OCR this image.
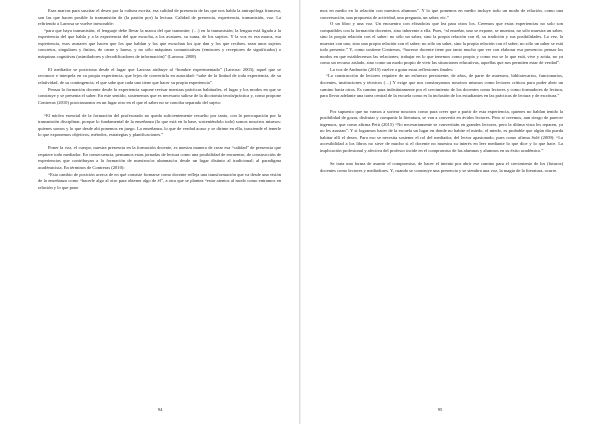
Esas marcas para suscitar el deseo por la cultura escrita, esa calidad de presencia de las que nos habla la antropóloga francesa, son las que hacen posible la transmisión de (la pasión por) la lectura. Calidad de presencia, experiencia, transmisión, voz. La refiriendo a Larrosa se vuelve inexorable:

“para que haya transmisión, el lenguaje debe llevar la marca del que transmite; (…) en la transmisión, la lengua está ligada a la experiencia del que habla y a la experiencia del que escucha, a los avatares, su suma, de los sujetos. Y la voz es esa marca, esa experiencia, esos avatares que hacen que los que hablan y los que escuchan los que dan y los que reciben, sean unos sujetos concretos, singulares y finitos, de carne y hueso, y no sólo máquinas comunicativas (emisores y receptores de significados) o máquinas cognitivas (asimiladores y decodificadores de información)” (Larrosa: 2008)

El mediador se posiciona desde el lugar que Larrosa atribuye al “hombre experimentado” (Larrosa: 2003), aquel que se reconoce e interpela en su propia experiencia, que lejos de convertirla en autoridad: “sabe de la finitud de toda experiencia, de su relatividad, de su contingencia, el que sabe que cada uno tiene que hacer su propia experiencia”.

Pensar la formación docente desde la experiencia supone revisar nuestras prácticas habituales, el lugar y los modos en que se construye y se presenta el saber. En este sentido, sostenemos que es necesario salirse de la dicotomía teoría/práctica y, como propone Contreras (2010) posicionarnos en un lugar otro en el que el saber no se conciba separado del sujeto:

“El núcleo esencial de la formación del profesorado no queda suficientemente resuelto por tanto, con la preocupación por la transmisión disciplinar, porque lo fundamental de la enseñanza (lo que está en la base, sosteniéndolo todo) somos nosotros mismos: quienes somos y lo que desde ahí ponemos en juego. La enseñanza, lo que de verdad acaso y se dirime en ella, trasciende el tenerle lo que exponemos objetivos, métodos, estrategias y planificaciones.”

Poner la voz, el cuerpo, nuestra presencia en la formación docente, es nuestra manera de crear esa “calidad” de presencia que requiere todo mediador. En consecuencia, pensamos estas jornadas de lectura como una posibilidad de encuentro, de construcción de experiencias que contribuyan a la formación de nuestros/os alumnas/os desde un lugar distinto al tradicional; al paradigma académicista. En términos de Contreras (2010):

“Esta cambio de posición acerca de en qué consiste formarse como docente refleja una transformación que va desde una visión de la enseñanza como “hacerle algo al otro para obtener algo de él”, a otra que se plantea “estar atentos al modo como entramos en relación y lo que pone

94

mos en medio en la relación con nuestros alumnos”. Y lo que ponemos en medio incluye todo un modo de relación, como una conversación, una propuesta de actividad, una pregunta, un saber, etc.”

O un libro y una voz. Un encuentro con el/nado/as que lea para otros los. Creemos que estas experiencias no solo son compatibles con la formación docentes, sino inherente a ella. Pues, “al enseñar, uno se expone, se muestra, no sólo muestra un saber, sino la propia relación con el saber: no sólo un saber, sino la propia relación con él, su tradición y sus posibilidades. La vez, la muestra con uno, sino una propia relación con el saber; no sólo un saber, sino la propia relación con el saber; no sólo un saber se está todo presente.” Y, como sostiene Contreras, “hacerse docente tiene por tanto mucho que ver con elaborar esa presencia: pensar los modos en que establecemos las relaciones; trabajar en lo que tenemos como propio y como eso se lo que está, vive y actúa, no ya como un recurso aislado, sino como un modo propio de vivir las situaciones educativas, aquellas que nos permiten estar de verdad”.

La voz de Andruetto (2015) vuelve a guiar estas reflexiones finales:

“La construcción de lectores requiere de un esfuerzo persistente, de años, de parte de maestros, bibliotecarios, funcionarios, docentes, instituciones y técnicos (…) Y exige que nos construyamos nosotros mismos como lectores críticos para poder abrir un camino hacia otros. Es camino para indistintamente por el crecimiento de los docentes como lectores y como formadores de lectura, para llevar adelante una tarea central de la escuela como es la inclusión de los estudiantes en las prácticas de lectura y de escritura.”

Por supuesto que no vamos a sortear nosotros como para creer que a partir de esta experiencia, quienes no hablan tenido la posibilidad de gozar, disfrutar y compartir la literatura, se van a convertir en ávidos lectores. Pero sí creemos, aun riesgo de parecer ingenuos, que como afirma Petit (2015) “No necesariamente se convertirán en grandes lectores, pero la última vista les reparen, ya no les asustan”. Y si logramos hacer de la escuela un lugar en donde no habite el miedo, el miedo, es probable que algún día pueda habitar allí el deseo. Para eso se necesita sostener el rol del mediador, del lector apasionado, pues como afirma Solé (2009): “La accesibilidad a los libros no sirve de mucho si el docente no muestra su interés en leer mediante lo que dice y lo que hace. La implicación profesional y afectiva del profesor incide en el compromiso de las alumnas y alumnos en su éxito académico.”

Se trata una forma de asumir el compromiso, de hacer el intento por abrir ese camino para el crecimiento de los (futuros) docentes como lectores y mediadores. Y, cuando se construye una presencia y se siembra una voz, la magia de la literatura, ocurre.

95
